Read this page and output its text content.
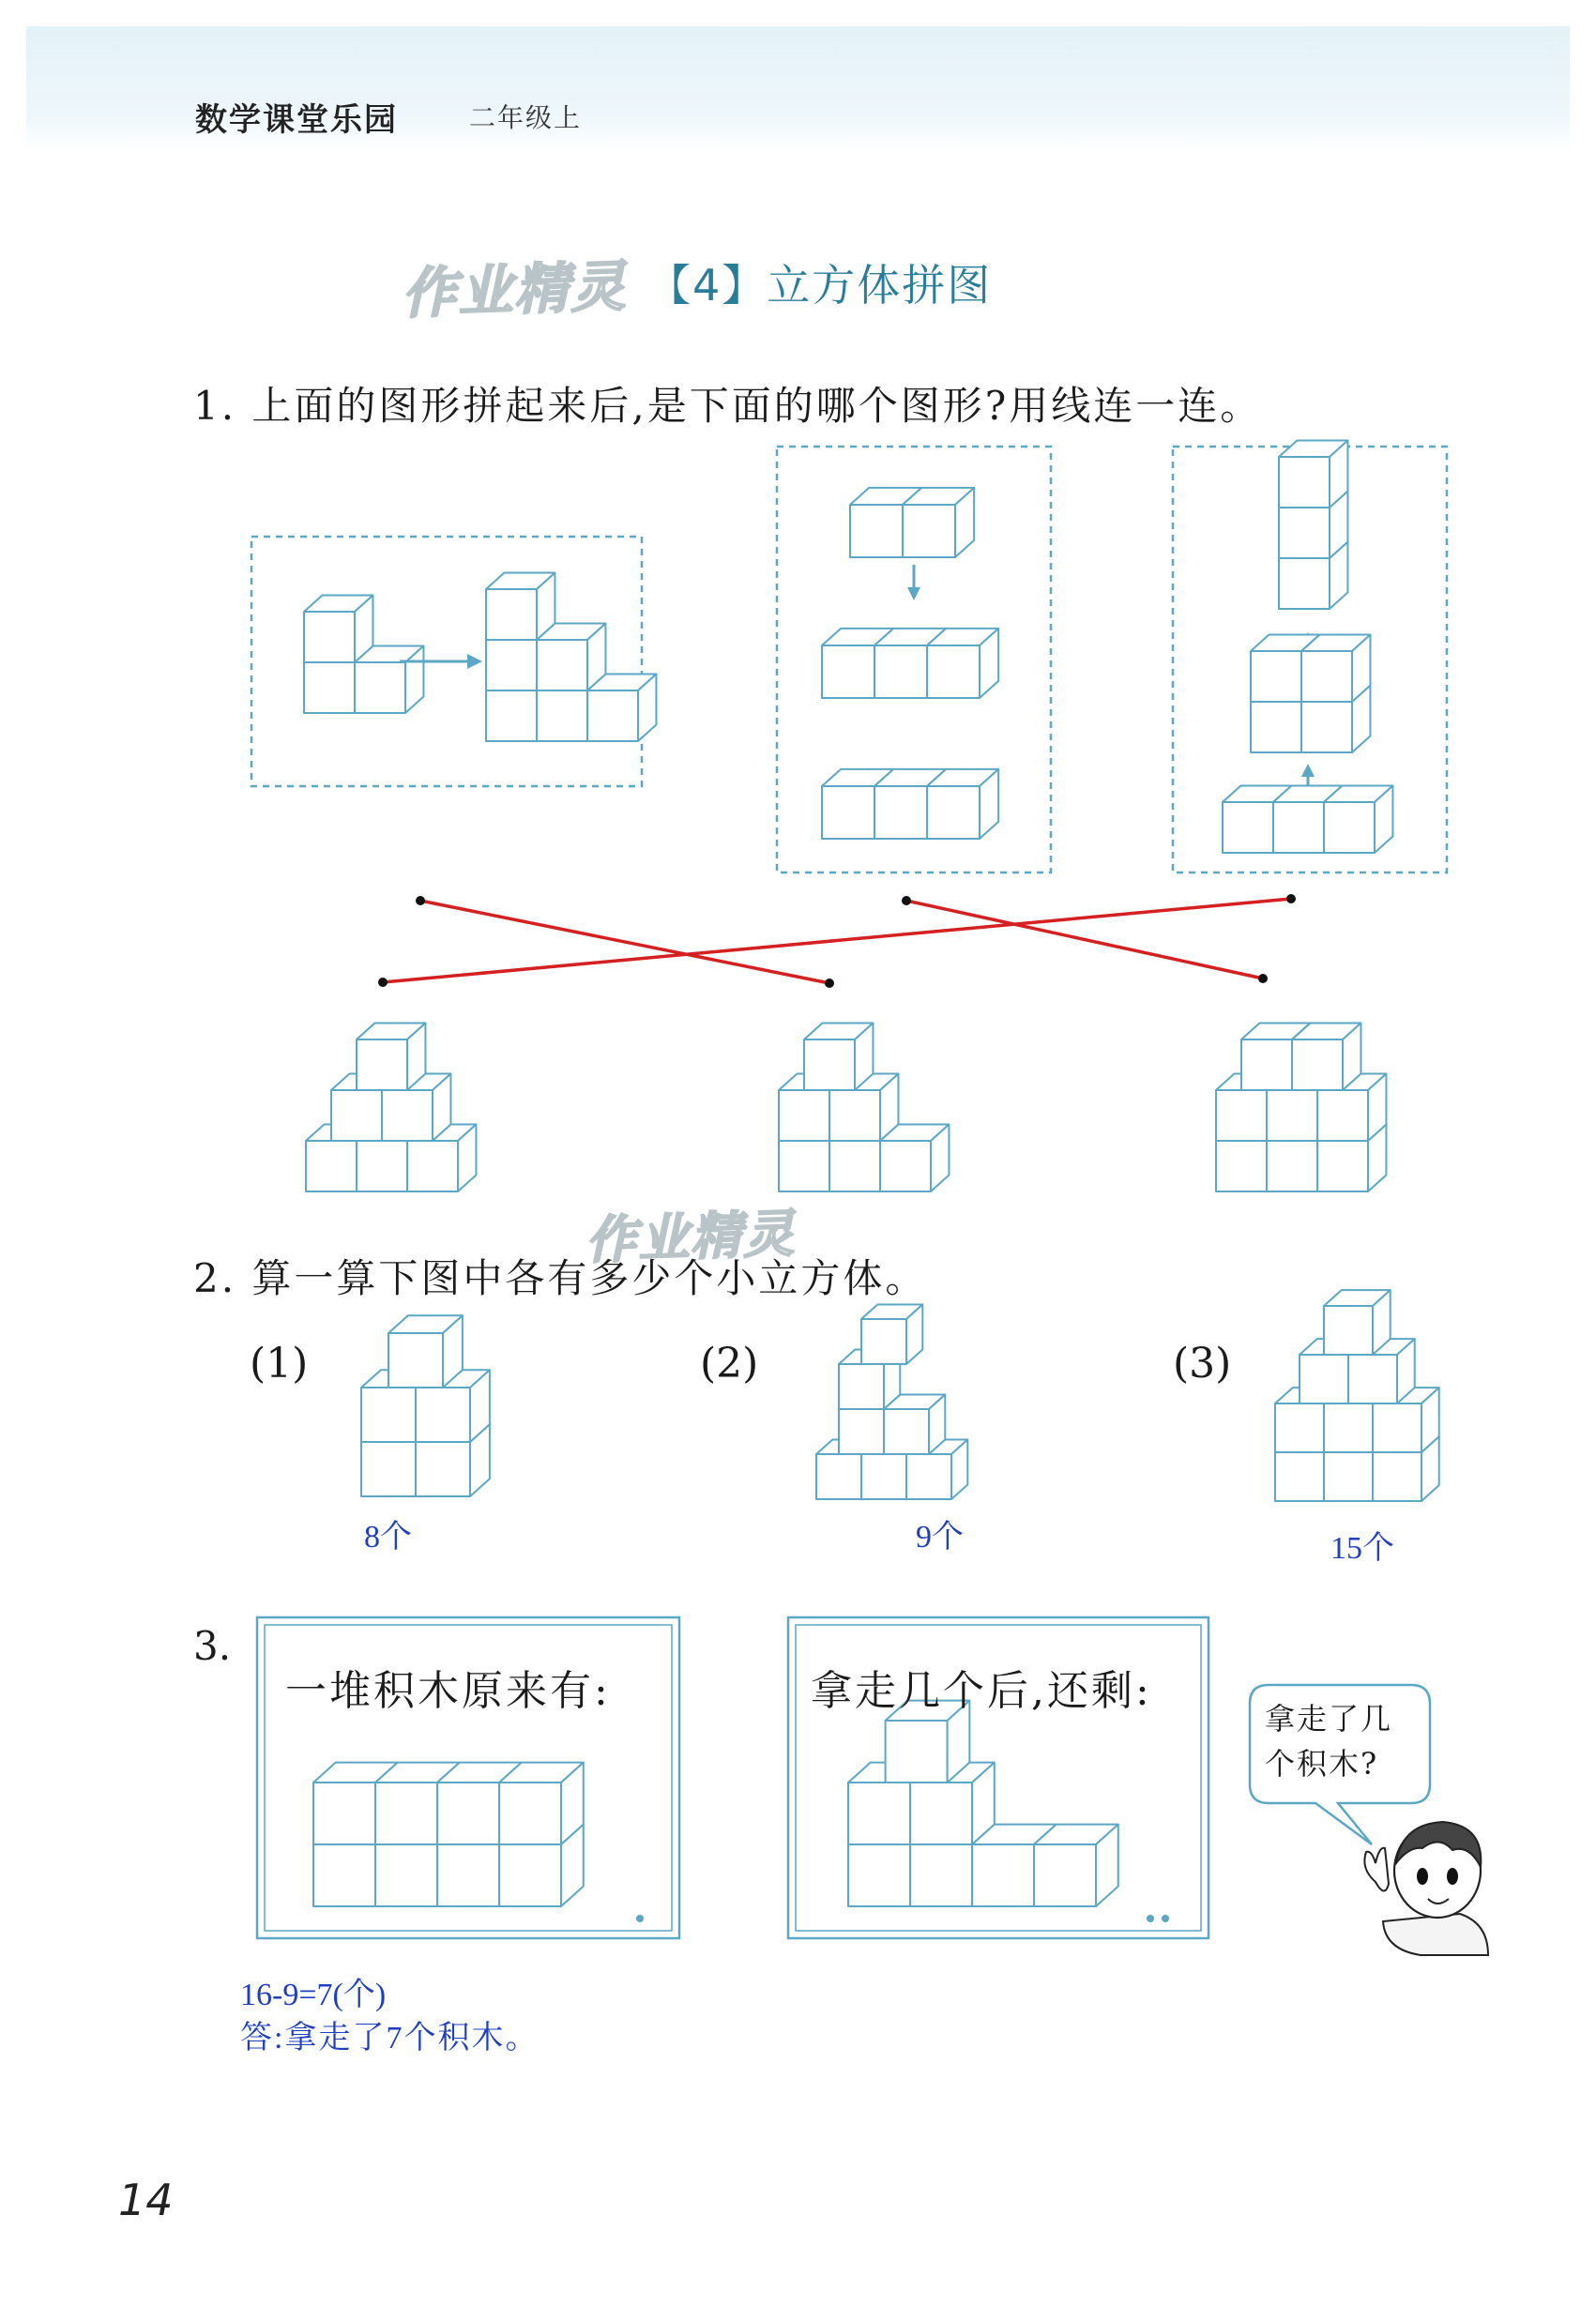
数学课堂乐园	二年级上
作业精灵 【4】立方体拼图
1. 上面的图形拼起来后,是下面的哪个图形?用线连一连。
作业精灵
2. 算一算下图中各有多少个小立方体。
(1)
8个
(2)
9个
(3)
15个
3.
一堆积木原来有:	拿走几个后,还剩:
拿走了几
个积木?
16-9=7(个)
答:拿走了7个积木。
14
